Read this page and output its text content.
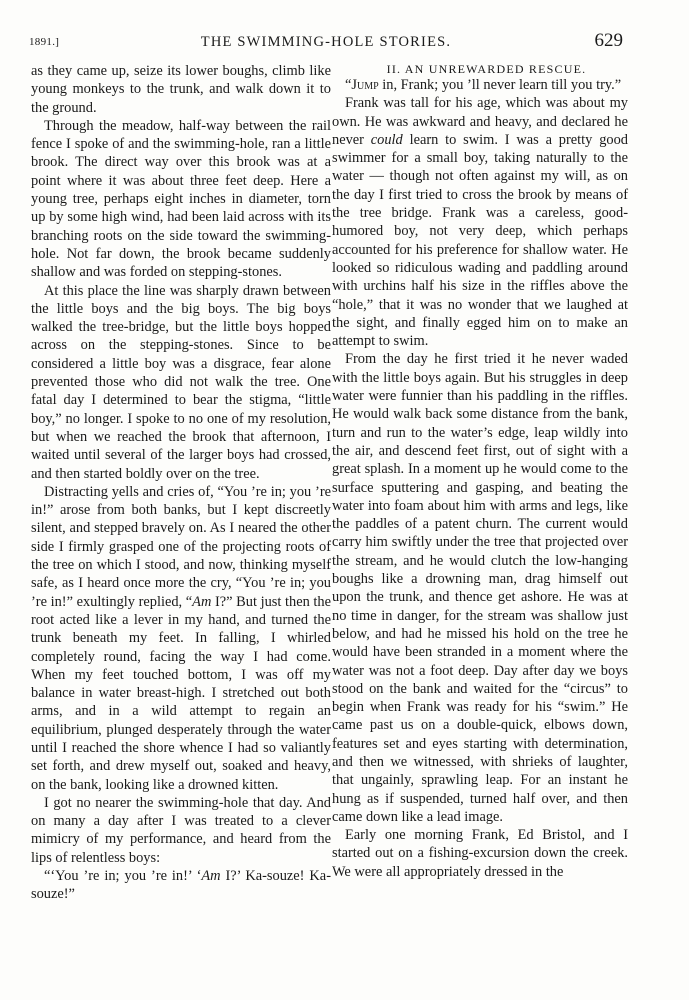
1891.]	THE SWIMMING-HOLE STORIES.	629

as they came up, seize its lower boughs, climb like young monkeys to the trunk, and walk down it to the ground.

Through the meadow, half-way between the rail fence I spoke of and the swimming-hole, ran a little brook. The direct way over this brook was at a point where it was about three feet deep. Here a young tree, perhaps eight inches in diameter, torn up by some high wind, had been laid across with its branching roots on the side toward the swimming-hole. Not far down, the brook became suddenly shallow and was forded on stepping-stones.

At this place the line was sharply drawn between the little boys and the big boys. The big boys walked the tree-bridge, but the little boys hopped across on the stepping-stones. Since to be considered a little boy was a disgrace, fear alone prevented those who did not walk the tree. One fatal day I determined to bear the stigma, “little boy,” no longer. I spoke to no one of my resolution, but when we reached the brook that afternoon, I waited until several of the larger boys had crossed, and then started boldly over on the tree.

Distracting yells and cries of, “You ’re in; you ’re in!” arose from both banks, but I kept discreetly silent, and stepped bravely on. As I neared the other side I firmly grasped one of the projecting roots of the tree on which I stood, and now, thinking myself safe, as I heard once more the cry, “You ’re in; you ’re in!” exultingly replied, “Am I?” But just then the root acted like a lever in my hand, and turned the trunk beneath my feet. In falling, I whirled completely round, facing the way I had come. When my feet touched bottom, I was off my balance in water breast-high. I stretched out both arms, and in a wild attempt to regain an equilibrium, plunged desperately through the water until I reached the shore whence I had so valiantly set forth, and drew myself out, soaked and heavy, on the bank, looking like a drowned kitten.

I got no nearer the swimming-hole that day. And on many a day after I was treated to a clever mimicry of my performance, and heard from the lips of relentless boys:

“‘You ’re in; you ’re in!’ ‘Am I?’ Ka-souze! Ka-souze!”

II. AN UNREWARDED RESCUE.

“Jump in, Frank; you ’ll never learn till you try.”

Frank was tall for his age, which was about my own. He was awkward and heavy, and declared he never could learn to swim. I was a pretty good swimmer for a small boy, taking naturally to the water — though not often against my will, as on the day I first tried to cross the brook by means of the tree bridge. Frank was a careless, good-humored boy, not very deep, which perhaps accounted for his preference for shallow water. He looked so ridiculous wading and paddling around with urchins half his size in the riffles above the “hole,” that it was no wonder that we laughed at the sight, and finally egged him on to make an attempt to swim.

From the day he first tried it he never waded with the little boys again. But his struggles in deep water were funnier than his paddling in the riffles. He would walk back some distance from the bank, turn and run to the water’s edge, leap wildly into the air, and descend feet first, out of sight with a great splash. In a moment up he would come to the surface sputtering and gasping, and beating the water into foam about him with arms and legs, like the paddles of a patent churn. The current would carry him swiftly under the tree that projected over the stream, and he would clutch the low-hanging boughs like a drowning man, drag himself out upon the trunk, and thence get ashore. He was at no time in danger, for the stream was shallow just below, and had he missed his hold on the tree he would have been stranded in a moment where the water was not a foot deep. Day after day we boys stood on the bank and waited for the “circus” to begin when Frank was ready for his “swim.” He came past us on a double-quick, elbows down, features set and eyes starting with determination, and then we witnessed, with shrieks of laughter, that ungainly, sprawling leap. For an instant he hung as if suspended, turned half over, and then came down like a lead image.

Early one morning Frank, Ed Bristol, and I started out on a fishing-excursion down the creek. We were all appropriately dressed in the
